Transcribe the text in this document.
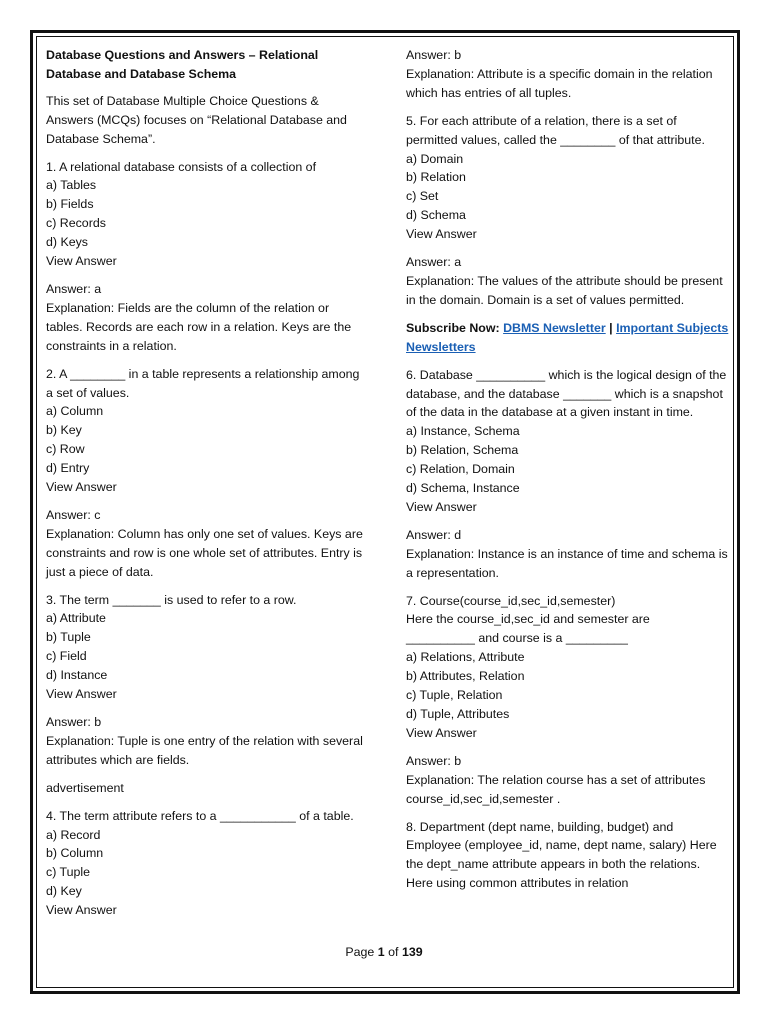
Database Questions and Answers – Relational Database and Database Schema
This set of Database Multiple Choice Questions & Answers (MCQs) focuses on “Relational Database and Database Schema”.
1. A relational database consists of a collection of
a) Tables
b) Fields
c) Records
d) Keys
View Answer
Answer: a
Explanation: Fields are the column of the relation or tables. Records are each row in a relation. Keys are the constraints in a relation.
2. A ________ in a table represents a relationship among a set of values.
a) Column
b) Key
c) Row
d) Entry
View Answer
Answer: c
Explanation: Column has only one set of values. Keys are constraints and row is one whole set of attributes. Entry is just a piece of data.
3. The term _______ is used to refer to a row.
a) Attribute
b) Tuple
c) Field
d) Instance
View Answer
Answer: b
Explanation: Tuple is one entry of the relation with several attributes which are fields.
advertisement
4. The term attribute refers to a ___________ of a table.
a) Record
b) Column
c) Tuple
d) Key
View Answer
Answer: b
Explanation: Attribute is a specific domain in the relation which has entries of all tuples.
5. For each attribute of a relation, there is a set of permitted values, called the ________ of that attribute.
a) Domain
b) Relation
c) Set
d) Schema
View Answer
Answer: a
Explanation: The values of the attribute should be present in the domain. Domain is a set of values permitted.
Subscribe Now: DBMS Newsletter | Important Subjects Newsletters
6. Database __________ which is the logical design of the database, and the database _______ which is a snapshot of the data in the database at a given instant in time.
a) Instance, Schema
b) Relation, Schema
c) Relation, Domain
d) Schema, Instance
View Answer
Answer: d
Explanation: Instance is an instance of time and schema is a representation.
7. Course(course_id,sec_id,semester)
Here the course_id,sec_id and semester are
__________ and course is a _________
a) Relations, Attribute
b) Attributes, Relation
c) Tuple, Relation
d) Tuple, Attributes
View Answer
Answer: b
Explanation: The relation course has a set of attributes course_id,sec_id,semester .
8. Department (dept name, building, budget) and Employee (employee_id, name, dept name, salary) Here the dept_name attribute appears in both the relations. Here using common attributes in relation
Page 1 of 139
